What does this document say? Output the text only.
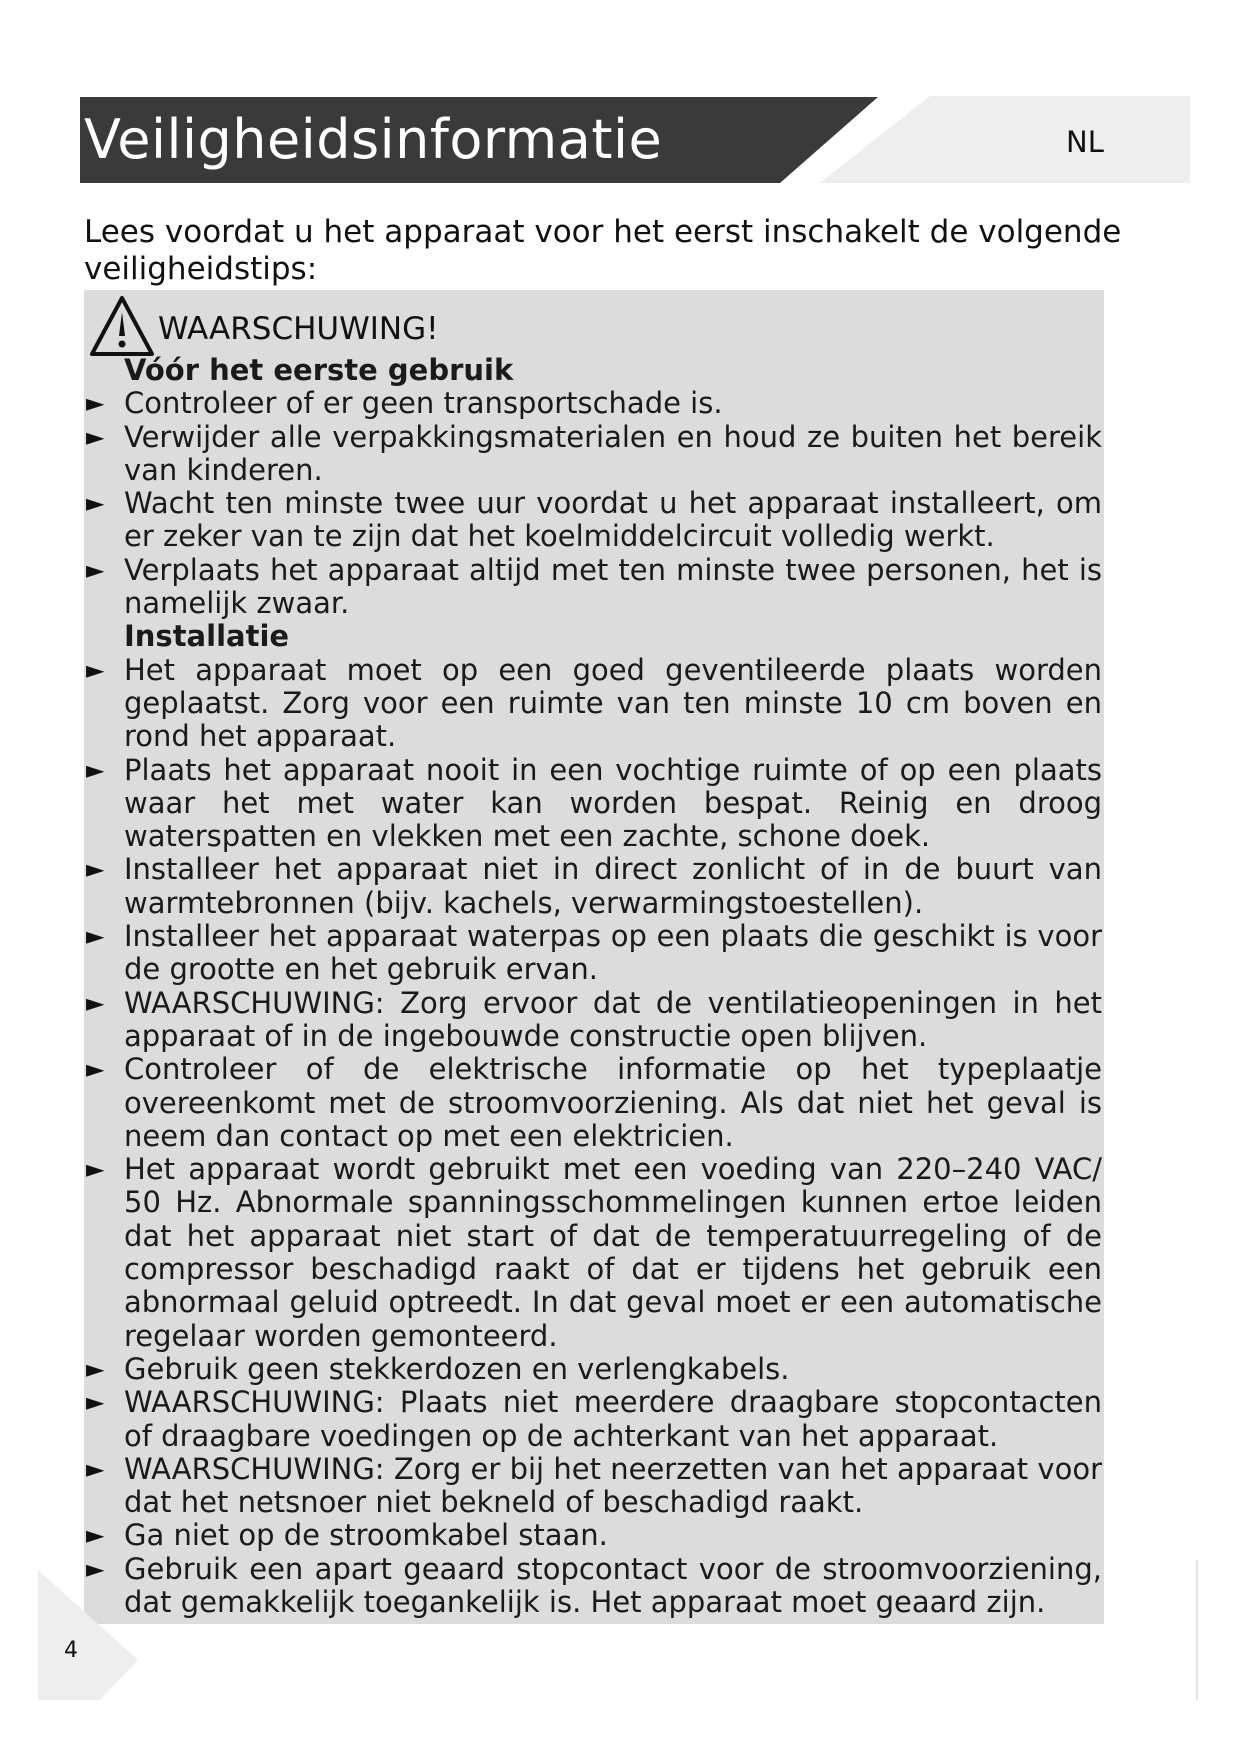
Veiligheidsinformatie	NL
Lees voordat u het apparaat voor het eerst inschakelt de volgende veiligheidstips:
WAARSCHUWING!
Vóór het eerste gebruik
► Controleer of er geen transportschade is.
► Verwijder alle verpakkingsmaterialen en houd ze buiten het bereik van kinderen.
► Wacht ten minste twee uur voordat u het apparaat installeert, om er zeker van te zijn dat het koelmiddelcircuit volledig werkt.
► Verplaats het apparaat altijd met ten minste twee personen, het is namelijk zwaar.
Installatie
► Het apparaat moet op een goed geventileerde plaats worden geplaatst. Zorg voor een ruimte van ten minste 10 cm boven en rond het apparaat.
► Plaats het apparaat nooit in een vochtige ruimte of op een plaats waar het met water kan worden bespat. Reinig en droog waterspatten en vlekken met een zachte, schone doek.
► Installeer het apparaat niet in direct zonlicht of in de buurt van warmtebronnen (bijv. kachels, verwarmingstoestellen).
► Installeer het apparaat waterpas op een plaats die geschikt is voor de grootte en het gebruik ervan.
► WAARSCHUWING: Zorg ervoor dat de ventilatieopeningen in het apparaat of in de ingebouwde constructie open blijven.
► Controleer of de elektrische informatie op het typeplaatje overeenkomt met de stroomvoorziening. Als dat niet het geval is neem dan contact op met een elektricien.
► Het apparaat wordt gebruikt met een voeding van 220–240 VAC/ 50 Hz. Abnormale spanningsschommelingen kunnen ertoe leiden dat het apparaat niet start of dat de temperatuurregeling of de compressor beschadigd raakt of dat er tijdens het gebruik een abnormaal geluid optreedt. In dat geval moet er een automatische regelaar worden gemonteerd.
► Gebruik geen stekkerdozen en verlengkabels.
► WAARSCHUWING: Plaats niet meerdere draagbare stopcontacten of draagbare voedingen op de achterkant van het apparaat.
► WAARSCHUWING: Zorg er bij het neerzetten van het apparaat voor dat het netsnoer niet bekneld of beschadigd raakt.
► Ga niet op de stroomkabel staan.
► Gebruik een apart geaard stopcontact voor de stroomvoorziening, dat gemakkelijk toegankelijk is. Het apparaat moet geaard zijn.
4
